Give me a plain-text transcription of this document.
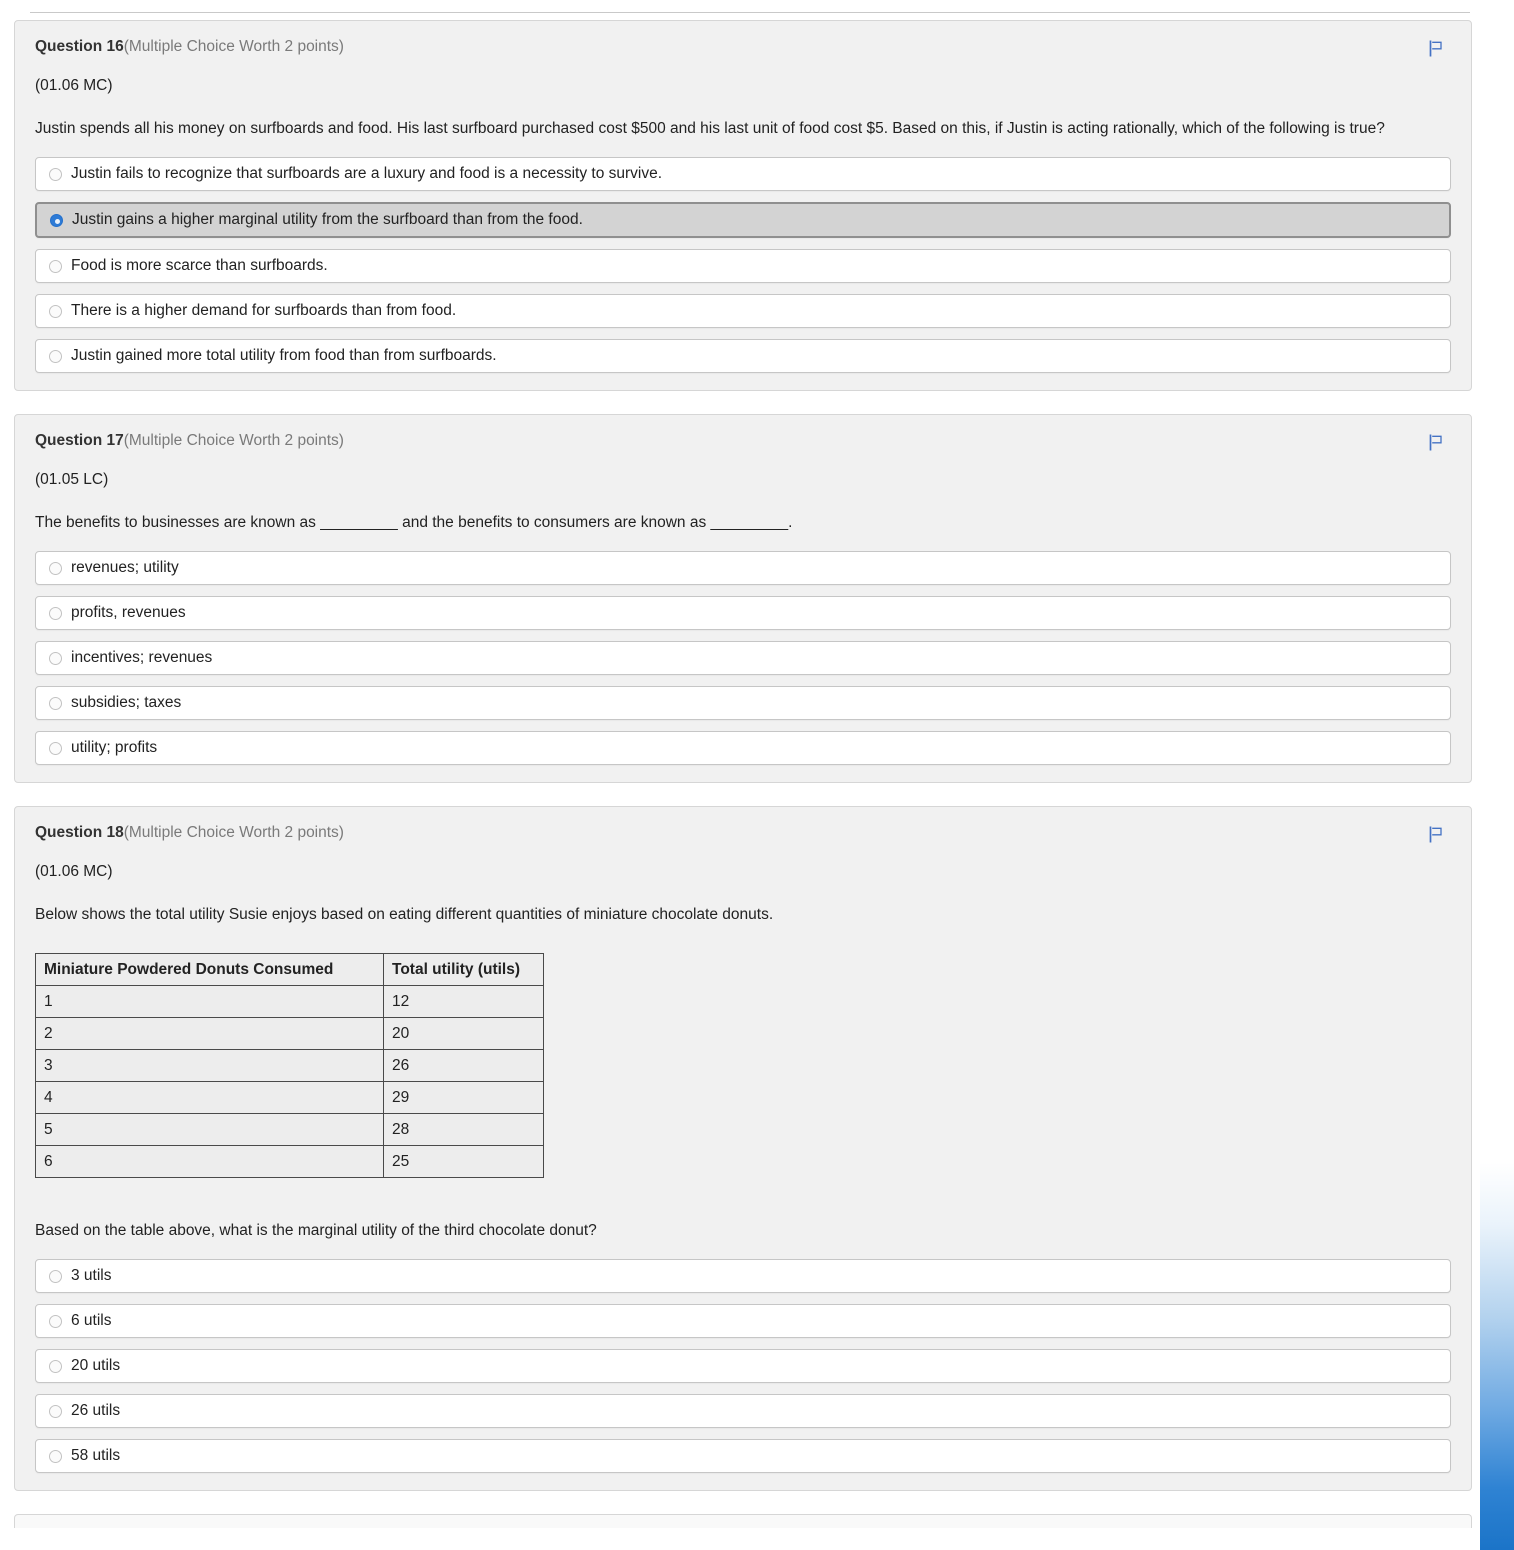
Question 16(Multiple Choice Worth 2 points)
(01.06 MC)

Justin spends all his money on surfboards and food. His last surfboard purchased cost $500 and his last unit of food cost $5. Based on this, if Justin is acting rationally, which of the following is true?

Justin fails to recognize that surfboards are a luxury and food is a necessity to survive.
Justin gains a higher marginal utility from the surfboard than from the food.
Food is more scarce than surfboards.
There is a higher demand for surfboards than from food.
Justin gained more total utility from food than from surfboards.
Question 17(Multiple Choice Worth 2 points)
(01.05 LC)

The benefits to businesses are known as _________ and the benefits to consumers are known as _________.

revenues; utility
profits, revenues
incentives; revenues
subsidies; taxes
utility; profits
Question 18(Multiple Choice Worth 2 points)
(01.06 MC)

Below shows the total utility Susie enjoys based on eating different quantities of miniature chocolate donuts.

Miniature Powdered Donuts Consumed	Total utility (utils)
1	12
2	20
3	26
4	29
5	28
6	25

Based on the table above, what is the marginal utility of the third chocolate donut?

3 utils
6 utils
20 utils
26 utils
58 utils
